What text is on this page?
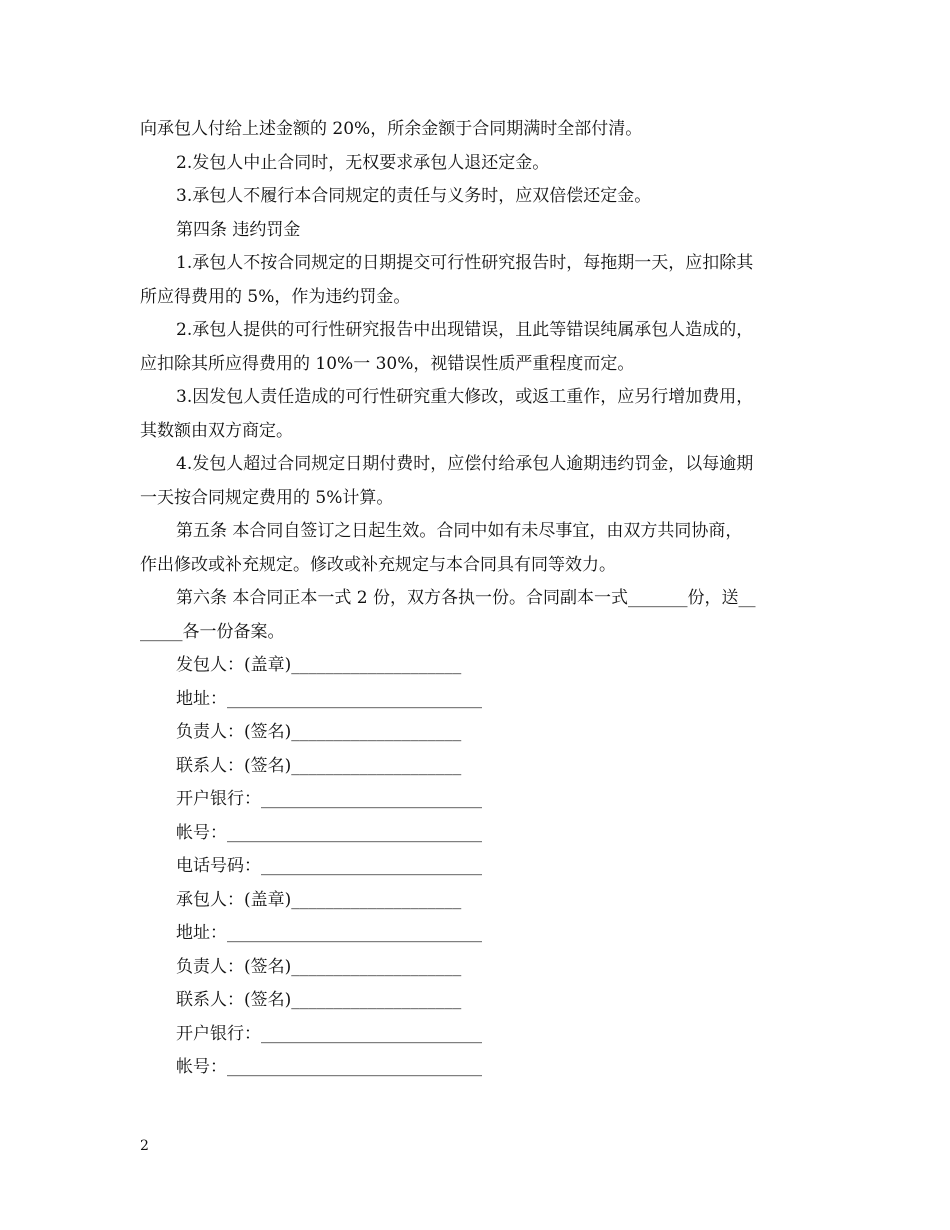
向承包人付给上述金额的 20%，所余金额于合同期满时全部付清。

2.发包人中止合同时，无权要求承包人退还定金。

3.承包人不履行本合同规定的责任与义务时，应双倍偿还定金。

第四条 违约罚金

1.承包人不按合同规定的日期提交可行性研究报告时，每拖期一天，应扣除其

所应得费用的 5%，作为违约罚金。

2.承包人提供的可行性研究报告中出现错误，且此等错误纯属承包人造成的，

应扣除其所应得费用的 10%一 30%，视错误性质严重程度而定。

3.因发包人责任造成的可行性研究重大修改，或返工重作，应另行增加费用，

其数额由双方商定。

4.发包人超过合同规定日期付费时，应偿付给承包人逾期违约罚金，以每逾期

一天按合同规定费用的 5%计算。

第五条 本合同自签订之日起生效。合同中如有未尽事宜，由双方共同协商，

作出修改或补充规定。修改或补充规定与本合同具有同等效力。

第六条 本合同正本一式 2 份，双方各执一份。合同副本一式_______份，送__

_____各一份备案。

发包人：(盖章)____________________

地址：______________________________

负责人：(签名)____________________

联系人：(签名)____________________

开户银行：__________________________

帐号：______________________________

电话号码：__________________________

承包人：(盖章)____________________

地址：______________________________

负责人：(签名)____________________

联系人：(签名)____________________

开户银行：__________________________

帐号：______________________________

2
